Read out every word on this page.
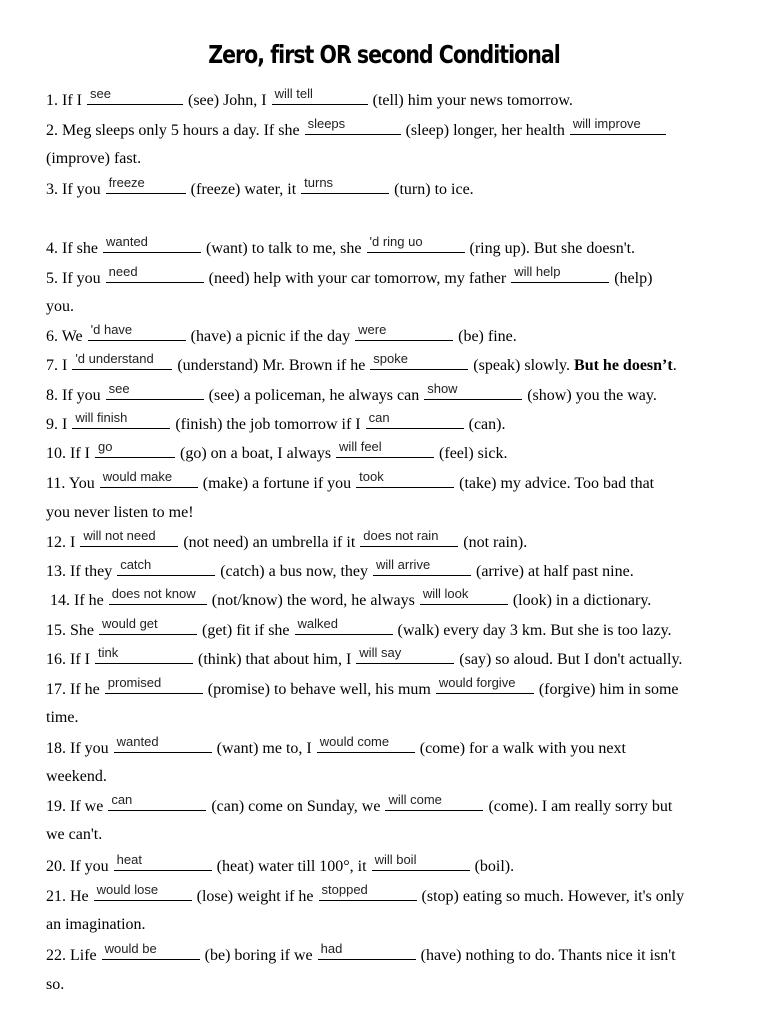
Zero, first OR second Conditional
1. If I see	(see) John, I will tell	(tell) him your news tomorrow.
2. Meg sleeps only 5 hours a day. If she sleeps	(sleep) longer, her health will improve
(improve) fast.
3. If you freeze	(freeze) water, it turns	(turn) to ice.
4. If she wanted	(want) to talk to me, she 'd ring uo	(ring up). But she doesn't.
5. If you need	(need) help with your car tomorrow, my father will help	(help)
you.
6. We 'd have	(have) a picnic if the day were	(be) fine.
7. I 'd understand (understand) Mr. Brown if he spoke	(speak) slowly. But he doesn’t.
8. If you see	(see) a policeman, he always can show	(show) you the way.
9. I will finish	(finish) the job tomorrow if I can	(can).
10. If I go	(go) on a boat, I always will feel	(feel) sick.
11. You would make (make) a fortune if you took	(take) my advice. Too bad that
you never listen to me!
12. I will not need (not need) an umbrella if it does not rain (not rain).
13. If they catch	(catch) a bus now, they will arrive	(arrive) at half past nine.
14. If he does not know (not/know) the word, he always will look	(look) in a dictionary.
15. She would get	(get) fit if she walked	(walk) every day 3 km. But she is too lazy.
16. If I tink	(think) that about him, I will say	(say) so aloud. But I don't actually.
17. If he promised	(promise) to behave well, his mum would forgive (forgive) him in some
time.
18. If you wanted	(want) me to, I would come (come) for a walk with you next
weekend.
19. If we can	(can) come on Sunday, we will come	(come). I am really sorry but
we can't.
20. If you heat	(heat) water till 100°, it will boil	(boil).
21. He would lose (lose) weight if he stopped	(stop) eating so much. However, it's only
an imagination.
22. Life would be	(be) boring if we had	(have) nothing to do. Thants nice it isn't
so.
